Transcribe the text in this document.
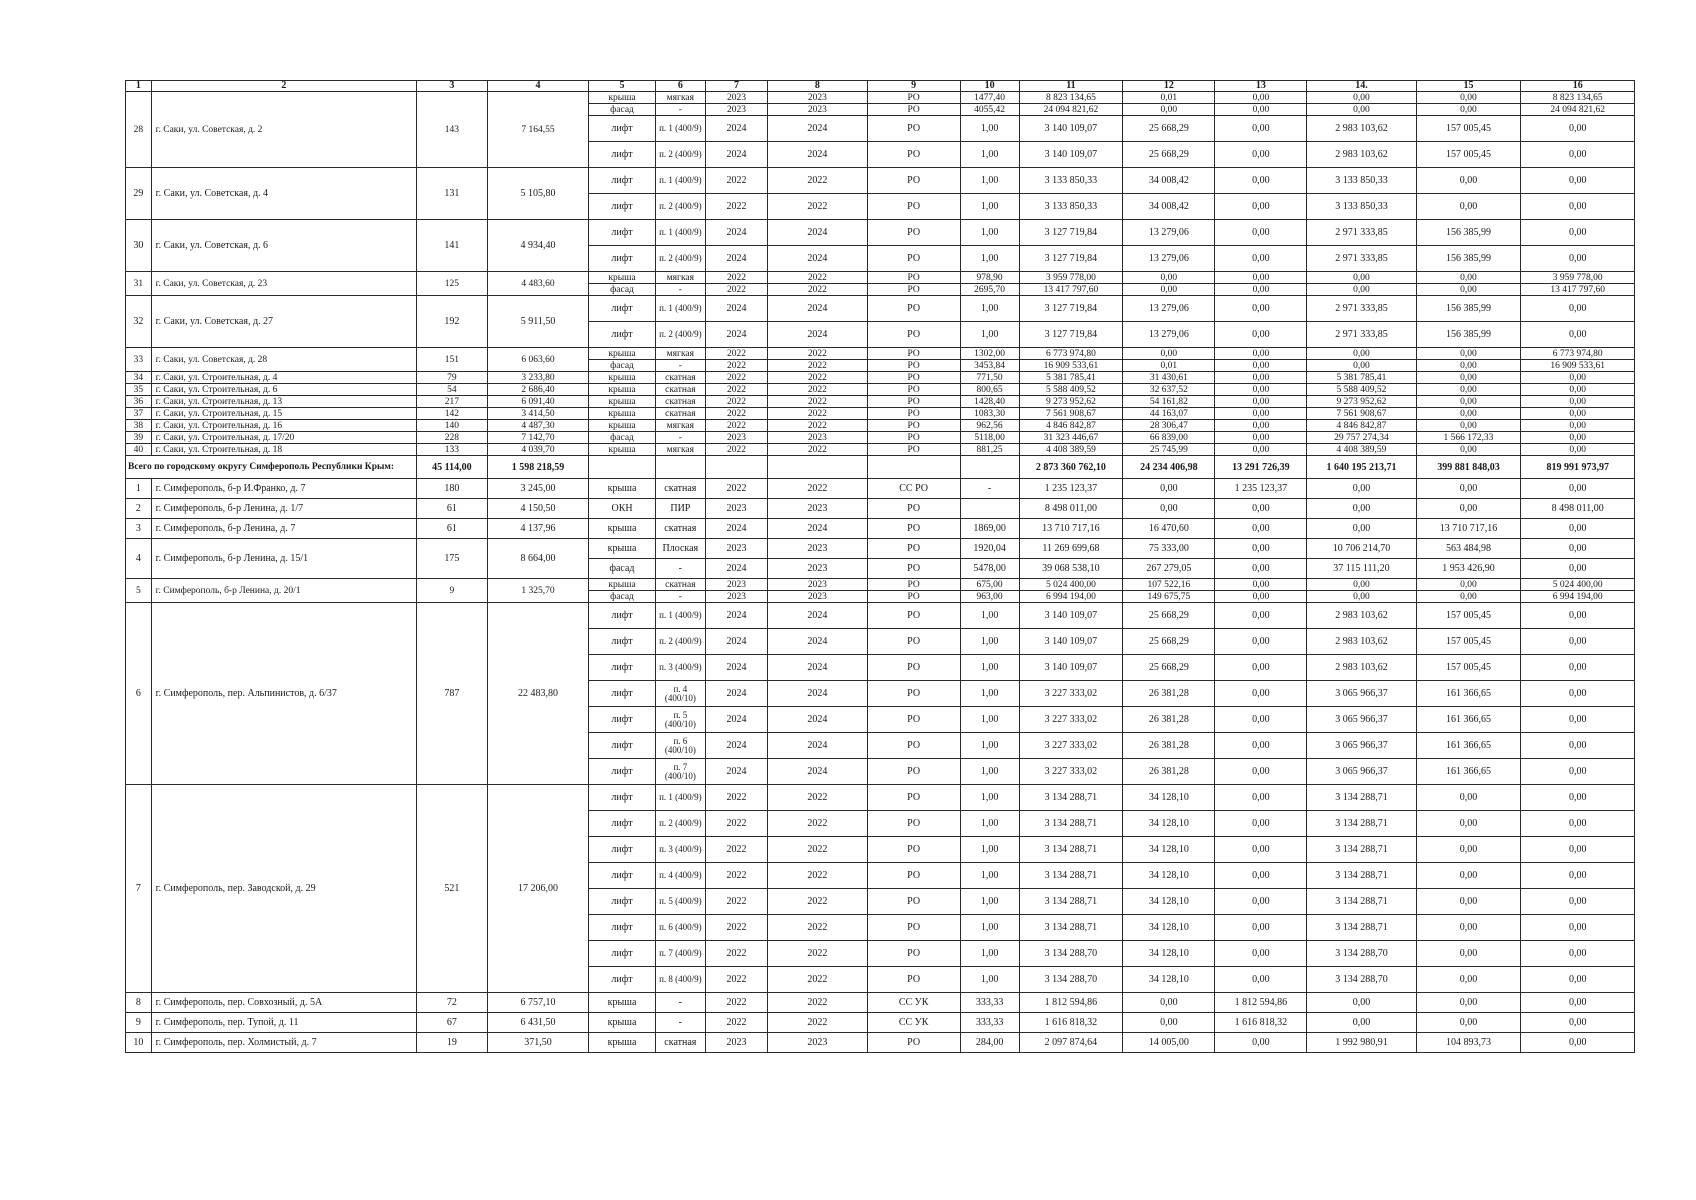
1	2	3	4	5	6	7	8	9	10	11	12	13	14.	15	16
28	г. Саки, ул. Советская, д. 2	143	7 164,55	крыша	мягкая	2023	2023	РО	1477,40	8 823 134,65	0,01	0,00	0,00	0,00	8 823 134,65
				фасад	-	2023	2023	РО	4055,42	24 094 821,62	0,00	0,00	0,00	0,00	24 094 821,62
				лифт	п. 1 (400/9)	2024	2024	РО	1,00	3 140 109,07	25 668,29	0,00	2 983 103,62	157 005,45	0,00
				лифт	п. 2 (400/9)	2024	2024	РО	1,00	3 140 109,07	25 668,29	0,00	2 983 103,62	157 005,45	0,00
29	г. Саки, ул. Советская, д. 4	131	5 105,80	лифт	п. 1 (400/9)	2022	2022	РО	1,00	3 133 850,33	34 008,42	0,00	3 133 850,33	0,00	0,00
				лифт	п. 2 (400/9)	2022	2022	РО	1,00	3 133 850,33	34 008,42	0,00	3 133 850,33	0,00	0,00
30	г. Саки, ул. Советская, д. 6	141	4 934,40	лифт	п. 1 (400/9)	2024	2024	РО	1,00	3 127 719,84	13 279,06	0,00	2 971 333,85	156 385,99	0,00
				лифт	п. 2 (400/9)	2024	2024	РО	1,00	3 127 719,84	13 279,06	0,00	2 971 333,85	156 385,99	0,00
31	г. Саки, ул. Советская, д. 23	125	4 483,60	крыша	мягкая	2022	2022	РО	978,90	3 959 778,00	0,00	0,00	0,00	0,00	3 959 778,00
				фасад	-	2022	2022	РО	2695,70	13 417 797,60	0,00	0,00	0,00	0,00	13 417 797,60
32	г. Саки, ул. Советская, д. 27	192	5 911,50	лифт	п. 1 (400/9)	2024	2024	РО	1,00	3 127 719,84	13 279,06	0,00	2 971 333,85	156 385,99	0,00
				лифт	п. 2 (400/9)	2024	2024	РО	1,00	3 127 719,84	13 279,06	0,00	2 971 333,85	156 385,99	0,00
33	г. Саки, ул. Советская, д. 28	151	6 063,60	крыша	мягкая	2022	2022	РО	1302,00	6 773 974,80	0,00	0,00	0,00	0,00	6 773 974,80
				фасад	-	2022	2022	РО	3453,84	16 909 533,61	0,01	0,00	0,00	0,00	16 909 533,61
34	г. Саки, ул. Строительная, д. 4	79	3 233,80	крыша	скатная	2022	2022	РО	771,50	5 381 785,41	31 430,61	0,00	5 381 785,41	0,00	0,00
35	г. Саки, ул. Строительная, д. 6	54	2 686,40	крыша	скатная	2022	2022	РО	800,65	5 588 409,52	32 637,52	0,00	5 588 409,52	0,00	0,00
36	г. Саки, ул. Строительная, д. 13	217	6 091,40	крыша	скатная	2022	2022	РО	1428,40	9 273 952,62	54 161,82	0,00	9 273 952,62	0,00	0,00
37	г. Саки, ул. Строительная, д. 15	142	3 414,50	крыша	скатная	2022	2022	РО	1083,30	7 561 908,67	44 163,07	0,00	7 561 908,67	0,00	0,00
38	г. Саки, ул. Строительная, д. 16	140	4 487,30	крыша	мягкая	2022	2022	РО	962,56	4 846 842,87	28 306,47	0,00	4 846 842,87	0,00	0,00
39	г. Саки, ул. Строительная, д. 17/20	228	7 142,70	фасад	-	2023	2023	РО	5118,00	31 323 446,67	66 839,00	0,00	29 757 274,34	1 566 172,33	0,00
40	г. Саки, ул. Строительная, д. 18	133	4 039,70	крыша	мягкая	2022	2022	РО	881,25	4 408 389,59	25 745,99	0,00	4 408 389,59	0,00	0,00
Всего по городскому округу Симферополь Республики Крым:		45 114,00	1 598 218,59							2 873 360 762,10	24 234 406,98	13 291 726,39	1 640 195 213,71	399 881 848,03	819 991 973,97
1	г. Симферополь, б-р И.Франко, д. 7	180	3 245,00	крыша	скатная	2022	2022	СС РО	-	1 235 123,37	0,00	1 235 123,37	0,00	0,00	0,00
2	г. Симферополь, б-р Ленина, д. 1/7	61	4 150,50	ОКН	ПИР	2023	2023	РО		8 498 011,00	0,00	0,00	0,00	0,00	8 498 011,00
3	г. Симферополь, б-р Ленина, д. 7	61	4 137,96	крыша	скатная	2024	2024	РО	1869,00	13 710 717,16	16 470,60	0,00	0,00	13 710 717,16	0,00
4	г. Симферополь, б-р Ленина, д. 15/1	175	8 664,00	крыша	Плоская	2023	2023	РО	1920,04	11 269 699,68	75 333,00	0,00	10 706 214,70	563 484,98	0,00
				фасад	-	2024	2023	РО	5478,00	39 068 538,10	267 279,05	0,00	37 115 111,20	1 953 426,90	0,00
5	г. Симферополь, б-р Ленина, д. 20/1	9	1 325,70	крыша	скатная	2023	2023	РО	675,00	5 024 400,00	107 522,16	0,00	0,00	0,00	5 024 400,00
				фасад	-	2023	2023	РО	963,00	6 994 194,00	149 675,75	0,00	0,00	0,00	6 994 194,00
6	г. Симферополь, пер. Альпинистов, д. 6/37	787	22 483,80	лифт	п. 1 (400/9)	2024	2024	РО	1,00	3 140 109,07	25 668,29	0,00	2 983 103,62	157 005,45	0,00
				лифт	п. 2 (400/9)	2024	2024	РО	1,00	3 140 109,07	25 668,29	0,00	2 983 103,62	157 005,45	0,00
				лифт	п. 3 (400/9)	2024	2024	РО	1,00	3 140 109,07	25 668,29	0,00	2 983 103,62	157 005,45	0,00
				лифт	п. 4 (400/10)	2024	2024	РО	1,00	3 227 333,02	26 381,28	0,00	3 065 966,37	161 366,65	0,00
				лифт	п. 5 (400/10)	2024	2024	РО	1,00	3 227 333,02	26 381,28	0,00	3 065 966,37	161 366,65	0,00
				лифт	п. 6 (400/10)	2024	2024	РО	1,00	3 227 333,02	26 381,28	0,00	3 065 966,37	161 366,65	0,00
				лифт	п. 7 (400/10)	2024	2024	РО	1,00	3 227 333,02	26 381,28	0,00	3 065 966,37	161 366,65	0,00
7	г. Симферополь, пер. Заводской, д. 29	521	17 206,00	лифт	п. 1 (400/9)	2022	2022	РО	1,00	3 134 288,71	34 128,10	0,00	3 134 288,71	0,00	0,00
				лифт	п. 2 (400/9)	2022	2022	РО	1,00	3 134 288,71	34 128,10	0,00	3 134 288,71	0,00	0,00
				лифт	п. 3 (400/9)	2022	2022	РО	1,00	3 134 288,71	34 128,10	0,00	3 134 288,71	0,00	0,00
				лифт	п. 4 (400/9)	2022	2022	РО	1,00	3 134 288,71	34 128,10	0,00	3 134 288,71	0,00	0,00
				лифт	п. 5 (400/9)	2022	2022	РО	1,00	3 134 288,71	34 128,10	0,00	3 134 288,71	0,00	0,00
				лифт	п. 6 (400/9)	2022	2022	РО	1,00	3 134 288,71	34 128,10	0,00	3 134 288,71	0,00	0,00
				лифт	п. 7 (400/9)	2022	2022	РО	1,00	3 134 288,70	34 128,10	0,00	3 134 288,70	0,00	0,00
				лифт	п. 8 (400/9)	2022	2022	РО	1,00	3 134 288,70	34 128,10	0,00	3 134 288,70	0,00	0,00
8	г. Симферополь, пер. Совхозный, д. 5А	72	6 757,10	крыша	-	2022	2022	СС УК	333,33	1 812 594,86	0,00	1 812 594,86	0,00	0,00	0,00
9	г. Симферополь, пер. Тупой, д. 11	67	6 431,50	крыша	-	2022	2022	СС УК	333,33	1 616 818,32	0,00	1 616 818,32	0,00	0,00	0,00
10	г. Симферополь, пер. Холмистый, д. 7	19	371,50	крыша	скатная	2023	2023	РО	284,00	2 097 874,64	14 005,00	0,00	1 992 980,91	104 893,73	0,00
